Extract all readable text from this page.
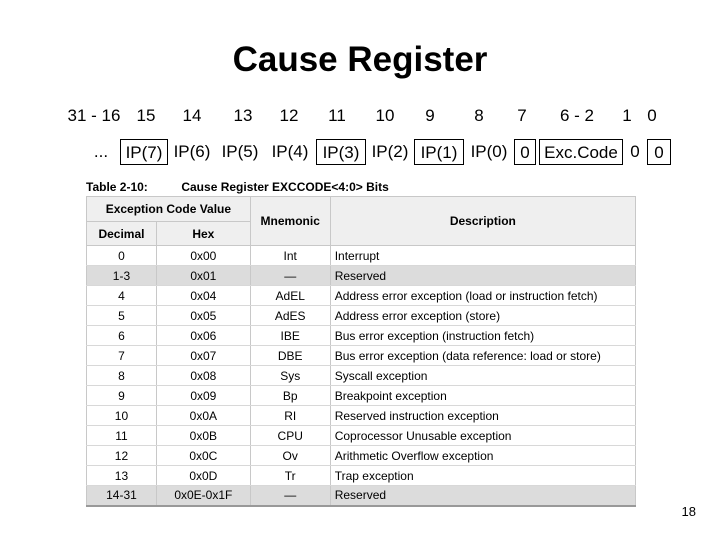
Cause Register
31 - 16 15 14 13 12 11 10 9 8 7 6 - 2 1 0
...	IP(7) IP(6) IP(5) IP(4) IP(3) IP(2) IP(1) IP(0) 0 Exc.Code 0 0
Table 2-10:	Cause Register EXCCODE<4:0> Bits
Exception Code Value		Mnemonic	Description
Decimal	Hex		
0	0x00	Int	Interrupt
1-3	0x01	—	Reserved
4	0x04	AdEL	Address error exception (load or instruction fetch)
5	0x05	AdES	Address error exception (store)
6	0x06	IBE	Bus error exception (instruction fetch)
7	0x07	DBE	Bus error exception (data reference: load or store)
8	0x08	Sys	Syscall exception
9	0x09	Bp	Breakpoint exception
10	0x0A	RI	Reserved instruction exception
11	0x0B	CPU	Coprocessor Unusable exception
12	0x0C	Ov	Arithmetic Overflow exception
13	0x0D	Tr	Trap exception
14-31	0x0E-0x1F	—	Reserved
18
